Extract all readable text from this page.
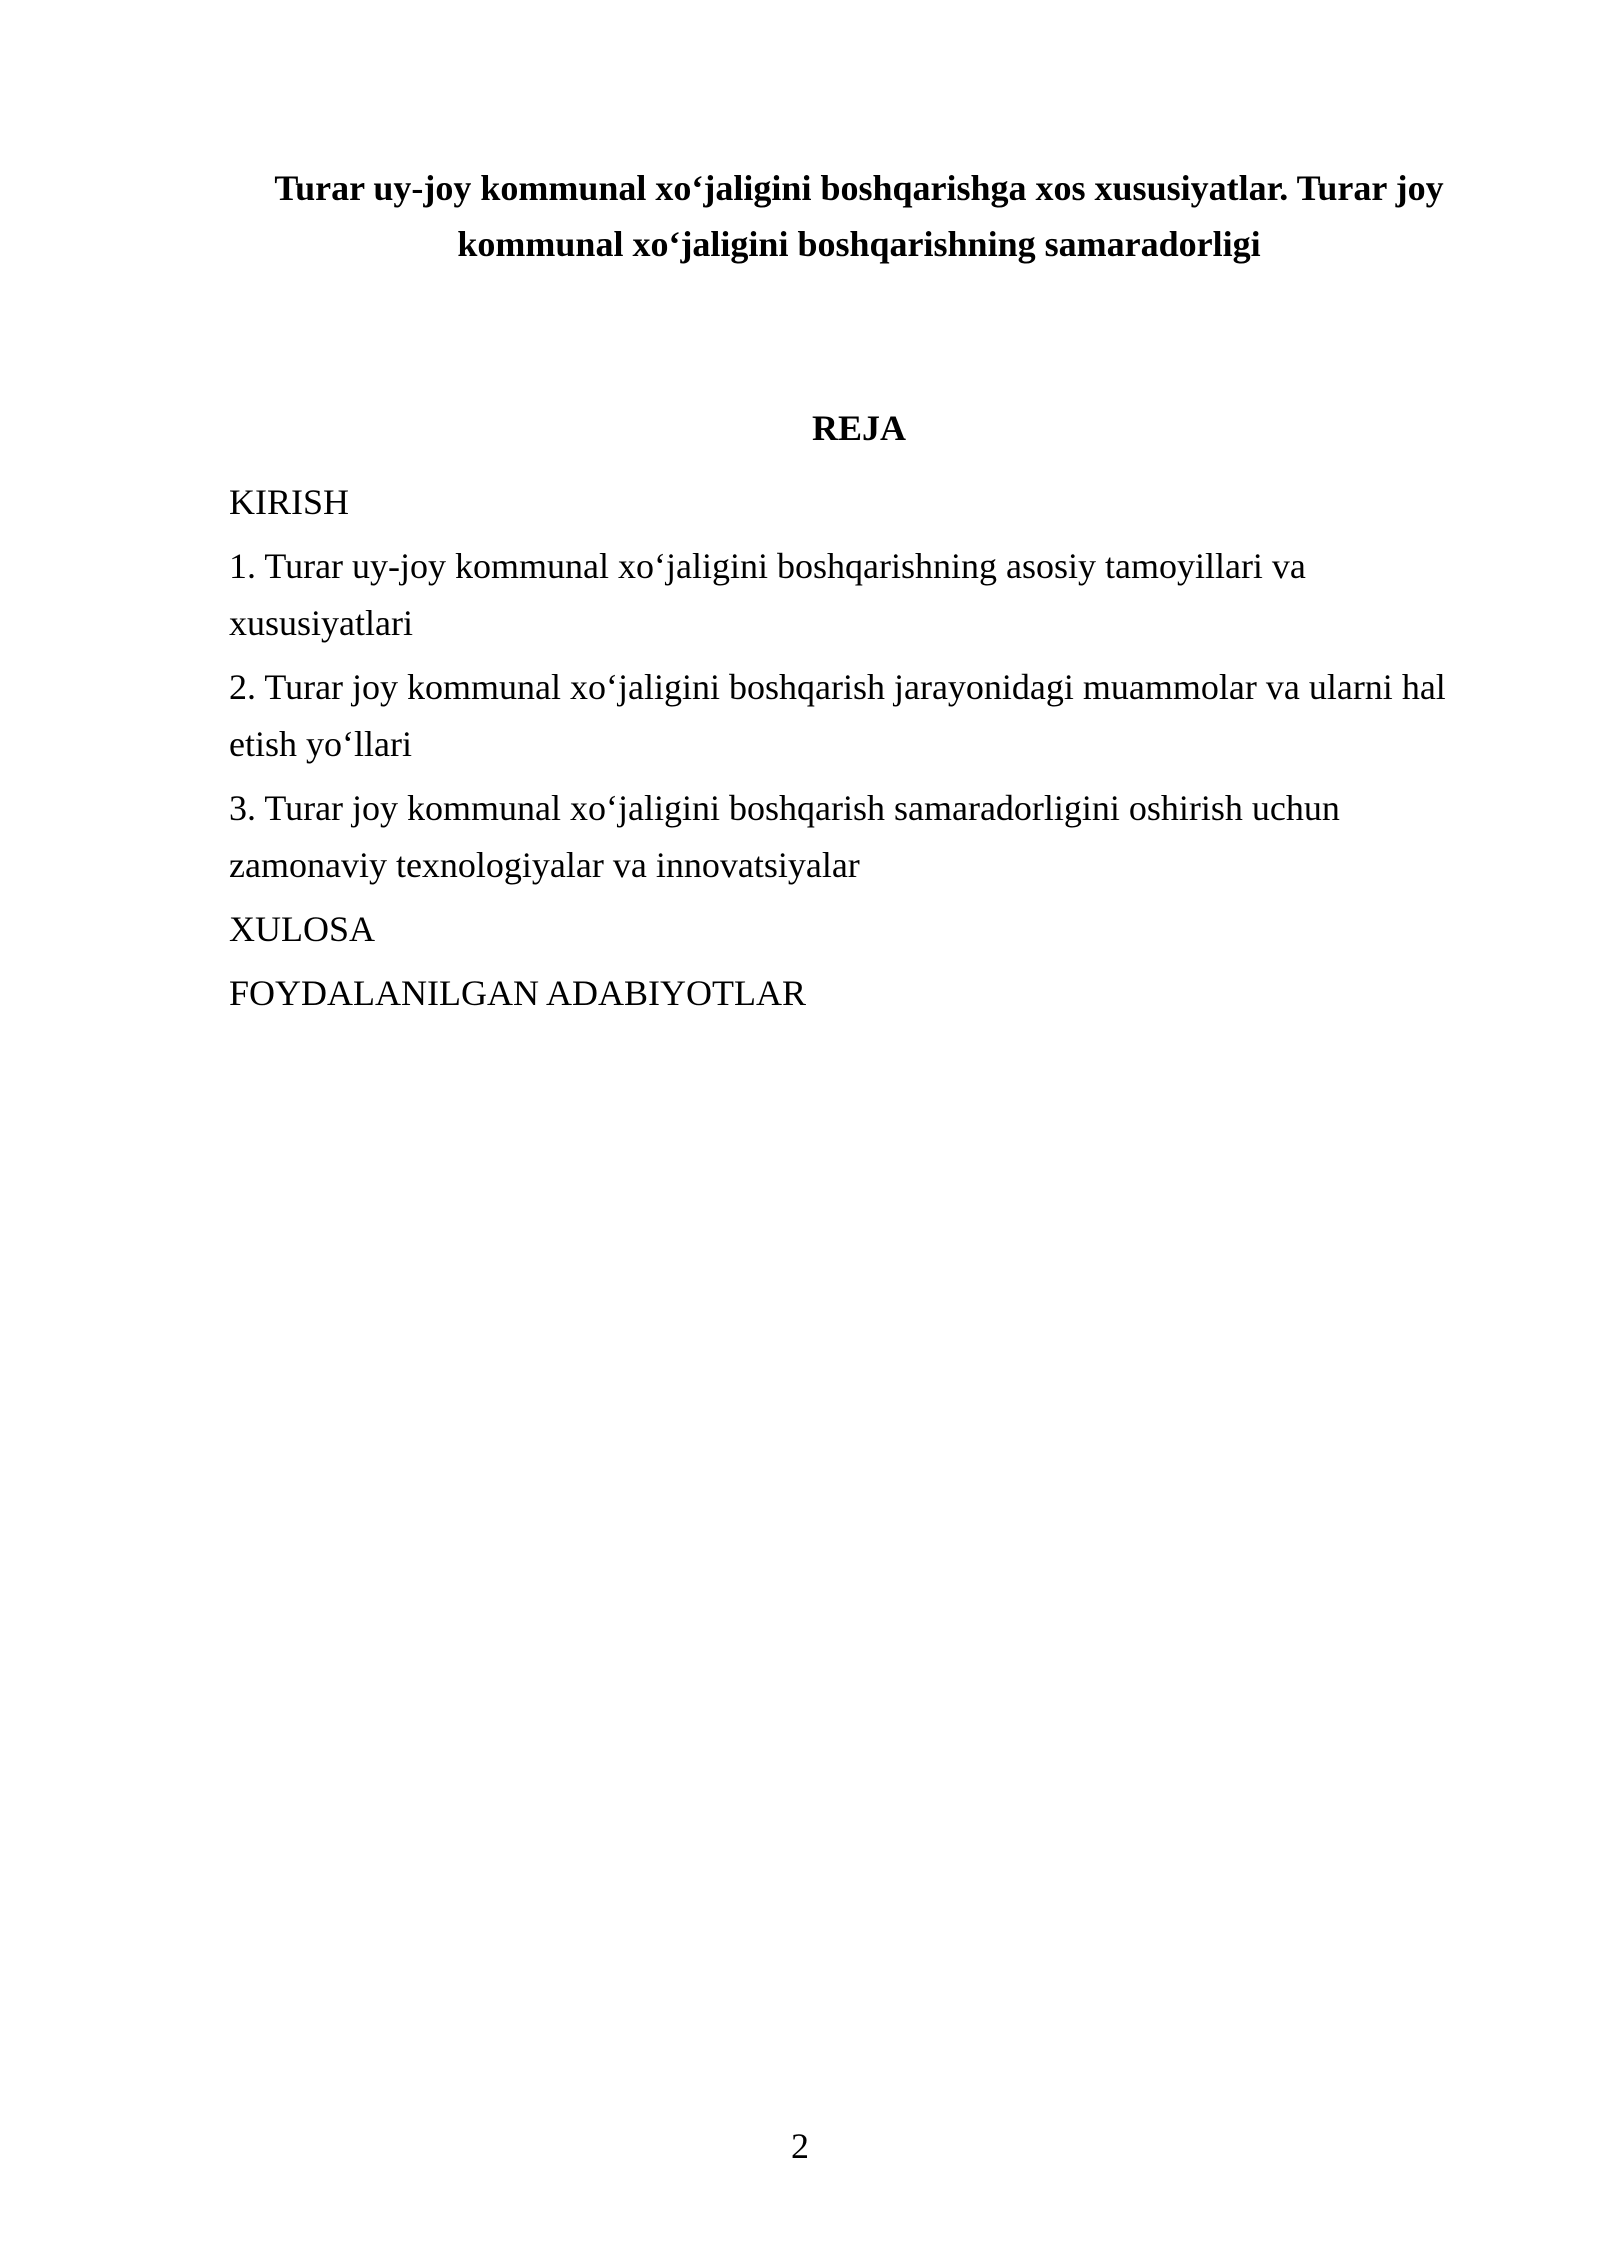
Turar uy-joy kommunal xo‘jaligini boshqarishga xos xususiyatlar. Turar joy kommunal xo‘jaligini boshqarishning samaradorligi
REJA
KIRISH
1. Turar uy-joy kommunal xo‘jaligini boshqarishning asosiy tamoyillari va xususiyatlari
2. Turar joy kommunal xo‘jaligini boshqarish jarayonidagi muammolar va ularni hal etish yo‘llari
3. Turar joy kommunal xo‘jaligini boshqarish samaradorligini oshirish uchun zamonaviy texnologiyalar va innovatsiyalar
XULOSA
FOYDALANILGAN ADABIYOTLAR

2
